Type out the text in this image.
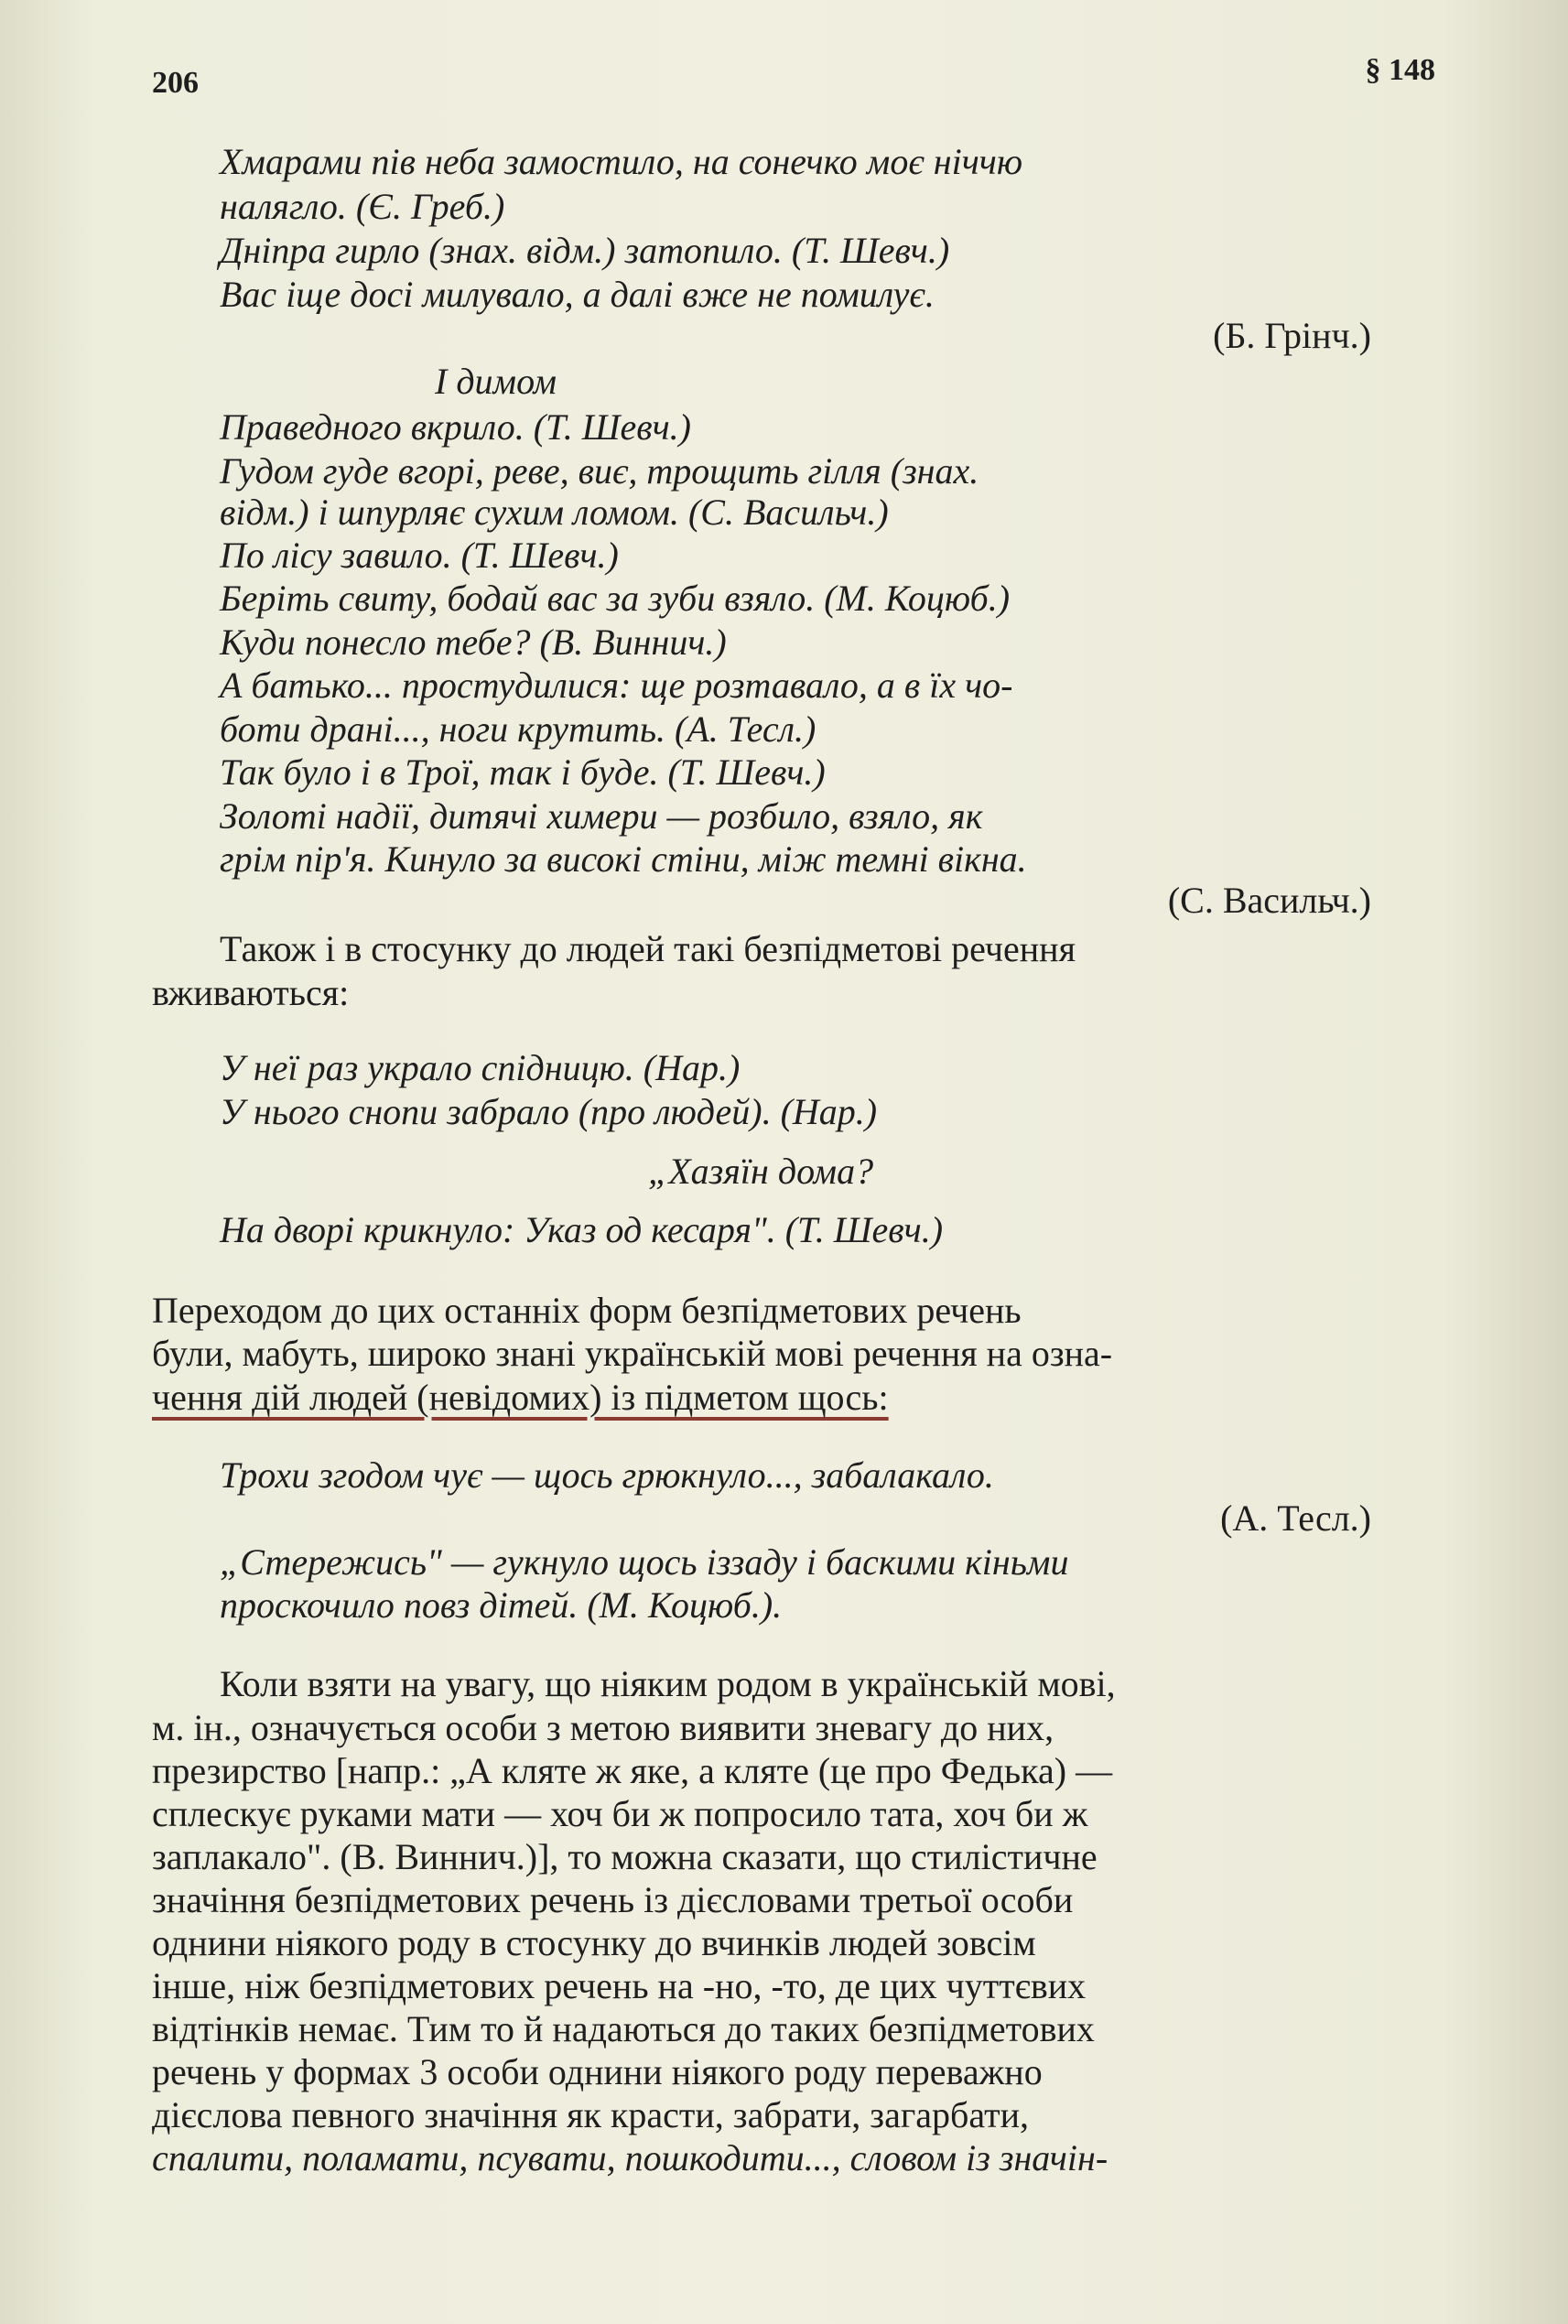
206	§ 148
Хмарами пів неба замостило, на сонечко моє ніччю
налягло. (Є. Греб.)
Дніпра гирло (знах. відм.) затопило. (Т. Шевч.)
Вас іще досі милувало, а далі вже не помилує.
(Б. Грінч.)
І димом
Праведного вкрило. (Т. Шевч.)
Гудом гуде вгорі, реве, виє, трощить гілля (знах.
відм.) і шпурляє сухим ломом. (С. Васильч.)
По лісу завило. (Т. Шевч.)
Беріть свиту, бодай вас за зуби взяло. (М. Коцюб.)
Куди понесло тебе? (В. Виннич.)
А батько... простудилися: ще розтавало, а в їх чо-
боти драні..., ноги крутить. (А. Тесл.)
Так було і в Трої, так і буде. (Т. Шевч.)
Золоті надії, дитячі химери — розбило, взяло, як
грім пір'я. Кинуло за високі стіни, між темні вікна.
(С. Васильч.)
Також і в стосунку до людей такі безпідметові речення
вживаються:
У неї раз украло спідницю. (Нар.)
У нього снопи забрало (про людей). (Нар.)
„Хазяїн дома?
На дворі крикнуло: Указ од кесаря". (Т. Шевч.)
Переходом до цих останніх форм безпідметових речень
були, мабуть, широко знані українській мові речення на озна-
чення дій людей (невідомих) із підметом щось:
Трохи згодом чує — щось грюкнуло..., забалакало.
(А. Тесл.)
„Стережись" — гукнуло щось іззаду і баскими кіньми
проскочило повз дітей. (М. Коцюб.).
Коли взяти на увагу, що ніяким родом в українській мові,
м. ін., означується особи з метою виявити зневагу до них,
презирство [напр.: „А кляте ж яке, а кляте (це про Федька) —
сплескує руками мати — хоч би ж попросило тата, хоч би ж
заплакало". (В. Виннич.)], то можна сказати, що стилістичне
значіння безпідметових речень із дієсловами третьої особи
однини ніякого роду в стосунку до вчинків людей зовсім
інше, ніж безпідметових речень на -но, -то, де цих чуттєвих
відтінків немає. Тим то й надаються до таких безпідметових
речень у формах 3 особи однини ніякого роду переважно
дієслова певного значіння як красти, забрати, загарбати,
спалити, поламати, псувати, пошкодити..., словом із значін-
